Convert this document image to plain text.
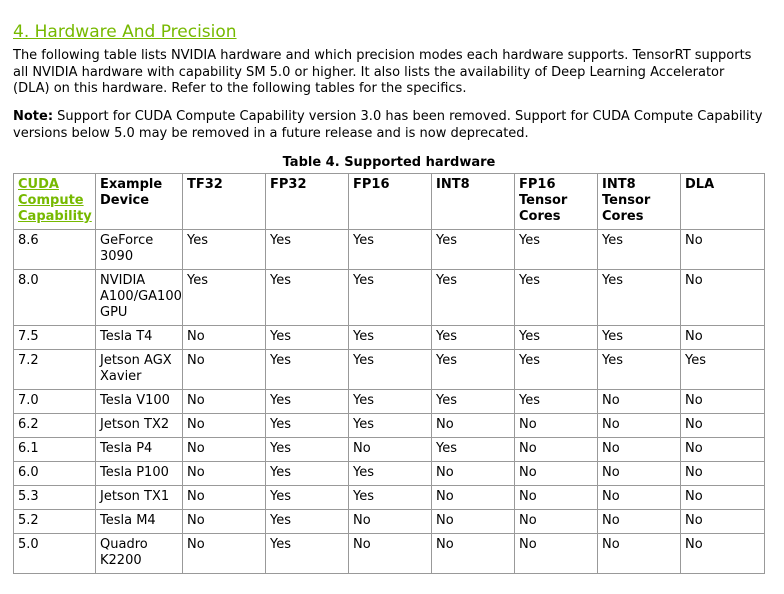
4. Hardware And Precision

The following table lists NVIDIA hardware and which precision modes each hardware supports. TensorRT supports all NVIDIA hardware with capability SM 5.0 or higher. It also lists the availability of Deep Learning Accelerator (DLA) on this hardware. Refer to the following tables for the specifics.

Note: Support for CUDA Compute Capability version 3.0 has been removed. Support for CUDA Compute Capability versions below 5.0 may be removed in a future release and is now deprecated.

Table 4. Supported hardware
CUDA Compute Capability	Example Device	TF32	FP32	FP16	INT8	FP16 Tensor Cores	INT8 Tensor Cores	DLA
8.6	GeForce 3090	Yes	Yes	Yes	Yes	Yes	Yes	No
8.0	NVIDIA A100/GA100 GPU	Yes	Yes	Yes	Yes	Yes	Yes	No
7.5	Tesla T4	No	Yes	Yes	Yes	Yes	Yes	No
7.2	Jetson AGX Xavier	No	Yes	Yes	Yes	Yes	Yes	Yes
7.0	Tesla V100	No	Yes	Yes	Yes	Yes	No	No
6.2	Jetson TX2	No	Yes	Yes	No	No	No	No
6.1	Tesla P4	No	Yes	No	Yes	No	No	No
6.0	Tesla P100	No	Yes	Yes	No	No	No	No
5.3	Jetson TX1	No	Yes	Yes	No	No	No	No
5.2	Tesla M4	No	Yes	No	No	No	No	No
5.0	Quadro K2200	No	Yes	No	No	No	No	No
